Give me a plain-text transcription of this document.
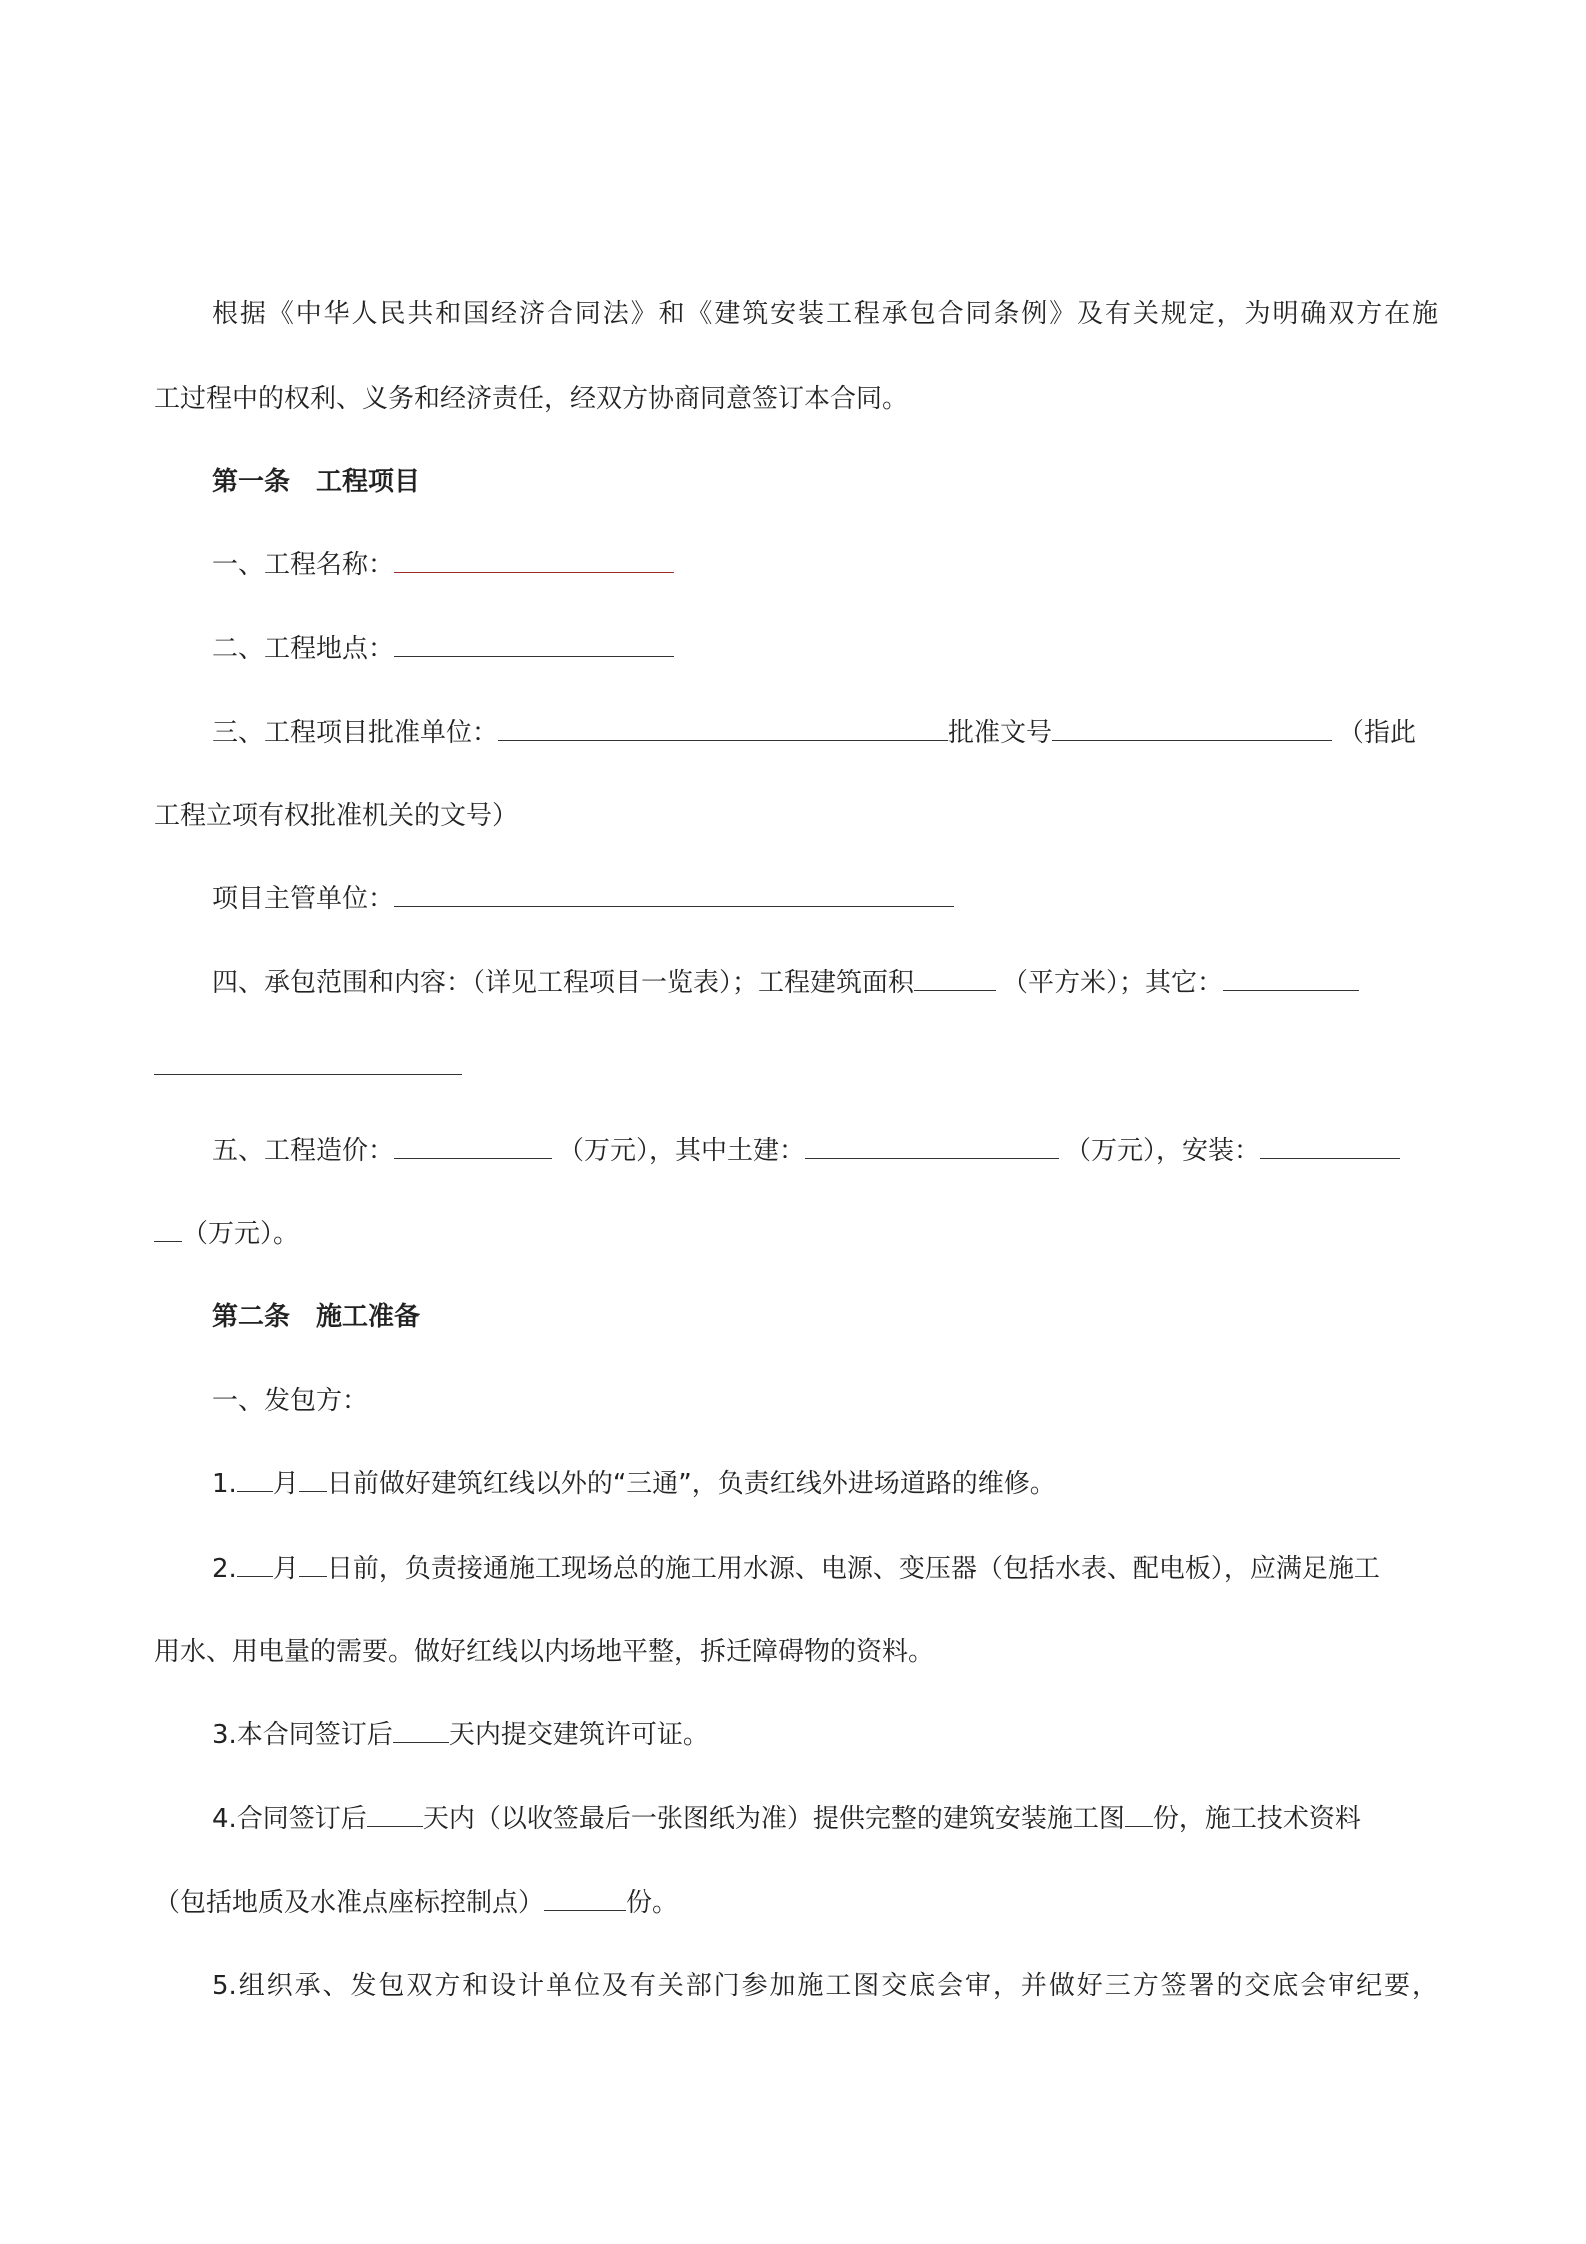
根据《中华人民共和国经济合同法》和《建筑安装工程承包合同条例》及有关规定，为明确双方在施
工过程中的权利、义务和经济责任，经双方协商同意签订本合同。
第一条　工程项目
一、工程名称：
二、工程地点：
三、工程项目批准单位：	批准文号	（指此
工程立项有权批准机关的文号）
项目主管单位：
四、承包范围和内容：（详见工程项目一览表）；工程建筑面积	（平方米）；其它：
五、工程造价：	（万元），其中土建：	（万元），安装：
（万元）。
第二条　施工准备
一、发包方：
1. 月 日前做好建筑红线以外的“三通”，负责红线外进场道路的维修。
2. 月 日前，负责接通施工现场总的施工用水源、电源、变压器（包括水表、配电板），应满足施工
用水、用电量的需要。做好红线以内场地平整，拆迁障碍物的资料。
3.本合同签订后 天内提交建筑许可证。
4.合同签订后 天内（以收签最后一张图纸为准）提供完整的建筑安装施工图 份，施工技术资料
（包括地质及水准点座标控制点）	份。
5.组织承、发包双方和设计单位及有关部门参加施工图交底会审，并做好三方签署的交底会审纪要，
